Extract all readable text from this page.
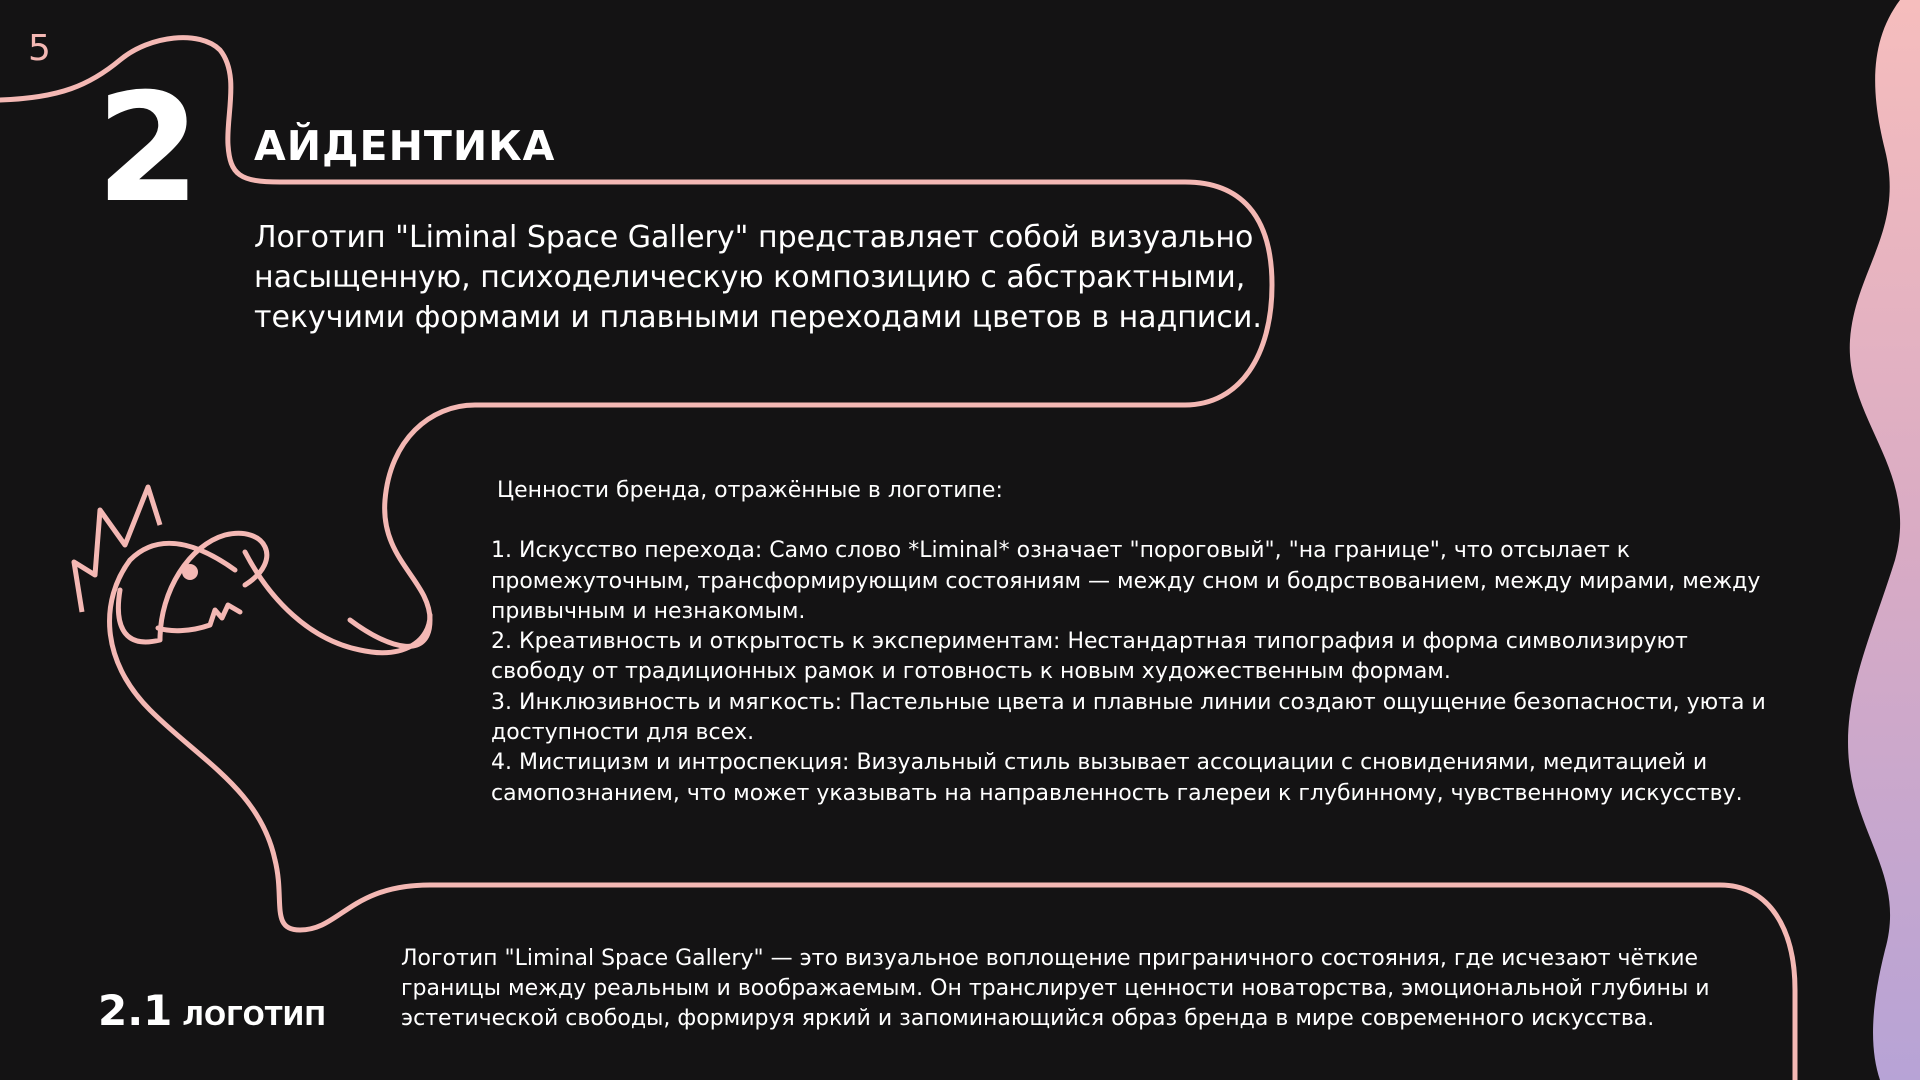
5
2 АЙДЕНТИКА
Логотип "Liminal Space Gallery" представляет собой визуально
насыщенную, психоделическую композицию с абстрактными,
текучими формами и плавными переходами цветов в надписи.
Ценности бренда, отражённые в логотипе:
1. Искусство перехода: Само слово *Liminal* означает "пороговый", "на границе", что отсылает к
промежуточным, трансформирующим состояниям — между сном и бодрствованием, между мирами, между
привычным и незнакомым.
2. Креативность и открытость к экспериментам: Нестандартная типография и форма символизируют
свободу от традиционных рамок и готовность к новым художественным формам.
3. Инклюзивность и мягкость: Пастельные цвета и плавные линии создают ощущение безопасности, уюта и
доступности для всех.
4. Мистицизм и интроспекция: Визуальный стиль вызывает ассоциации с сновидениями, медитацией и
самопознанием, что может указывать на направленность галереи к глубинному, чувственному искусству.
2.1 ЛОГОТИП
Логотип "Liminal Space Gallery" — это визуальное воплощение приграничного состояния, где исчезают чёткие
границы между реальным и воображаемым. Он транслирует ценности новаторства, эмоциональной глубины и
эстетической свободы, формируя яркий и запоминающийся образ бренда в мире современного искусства.
